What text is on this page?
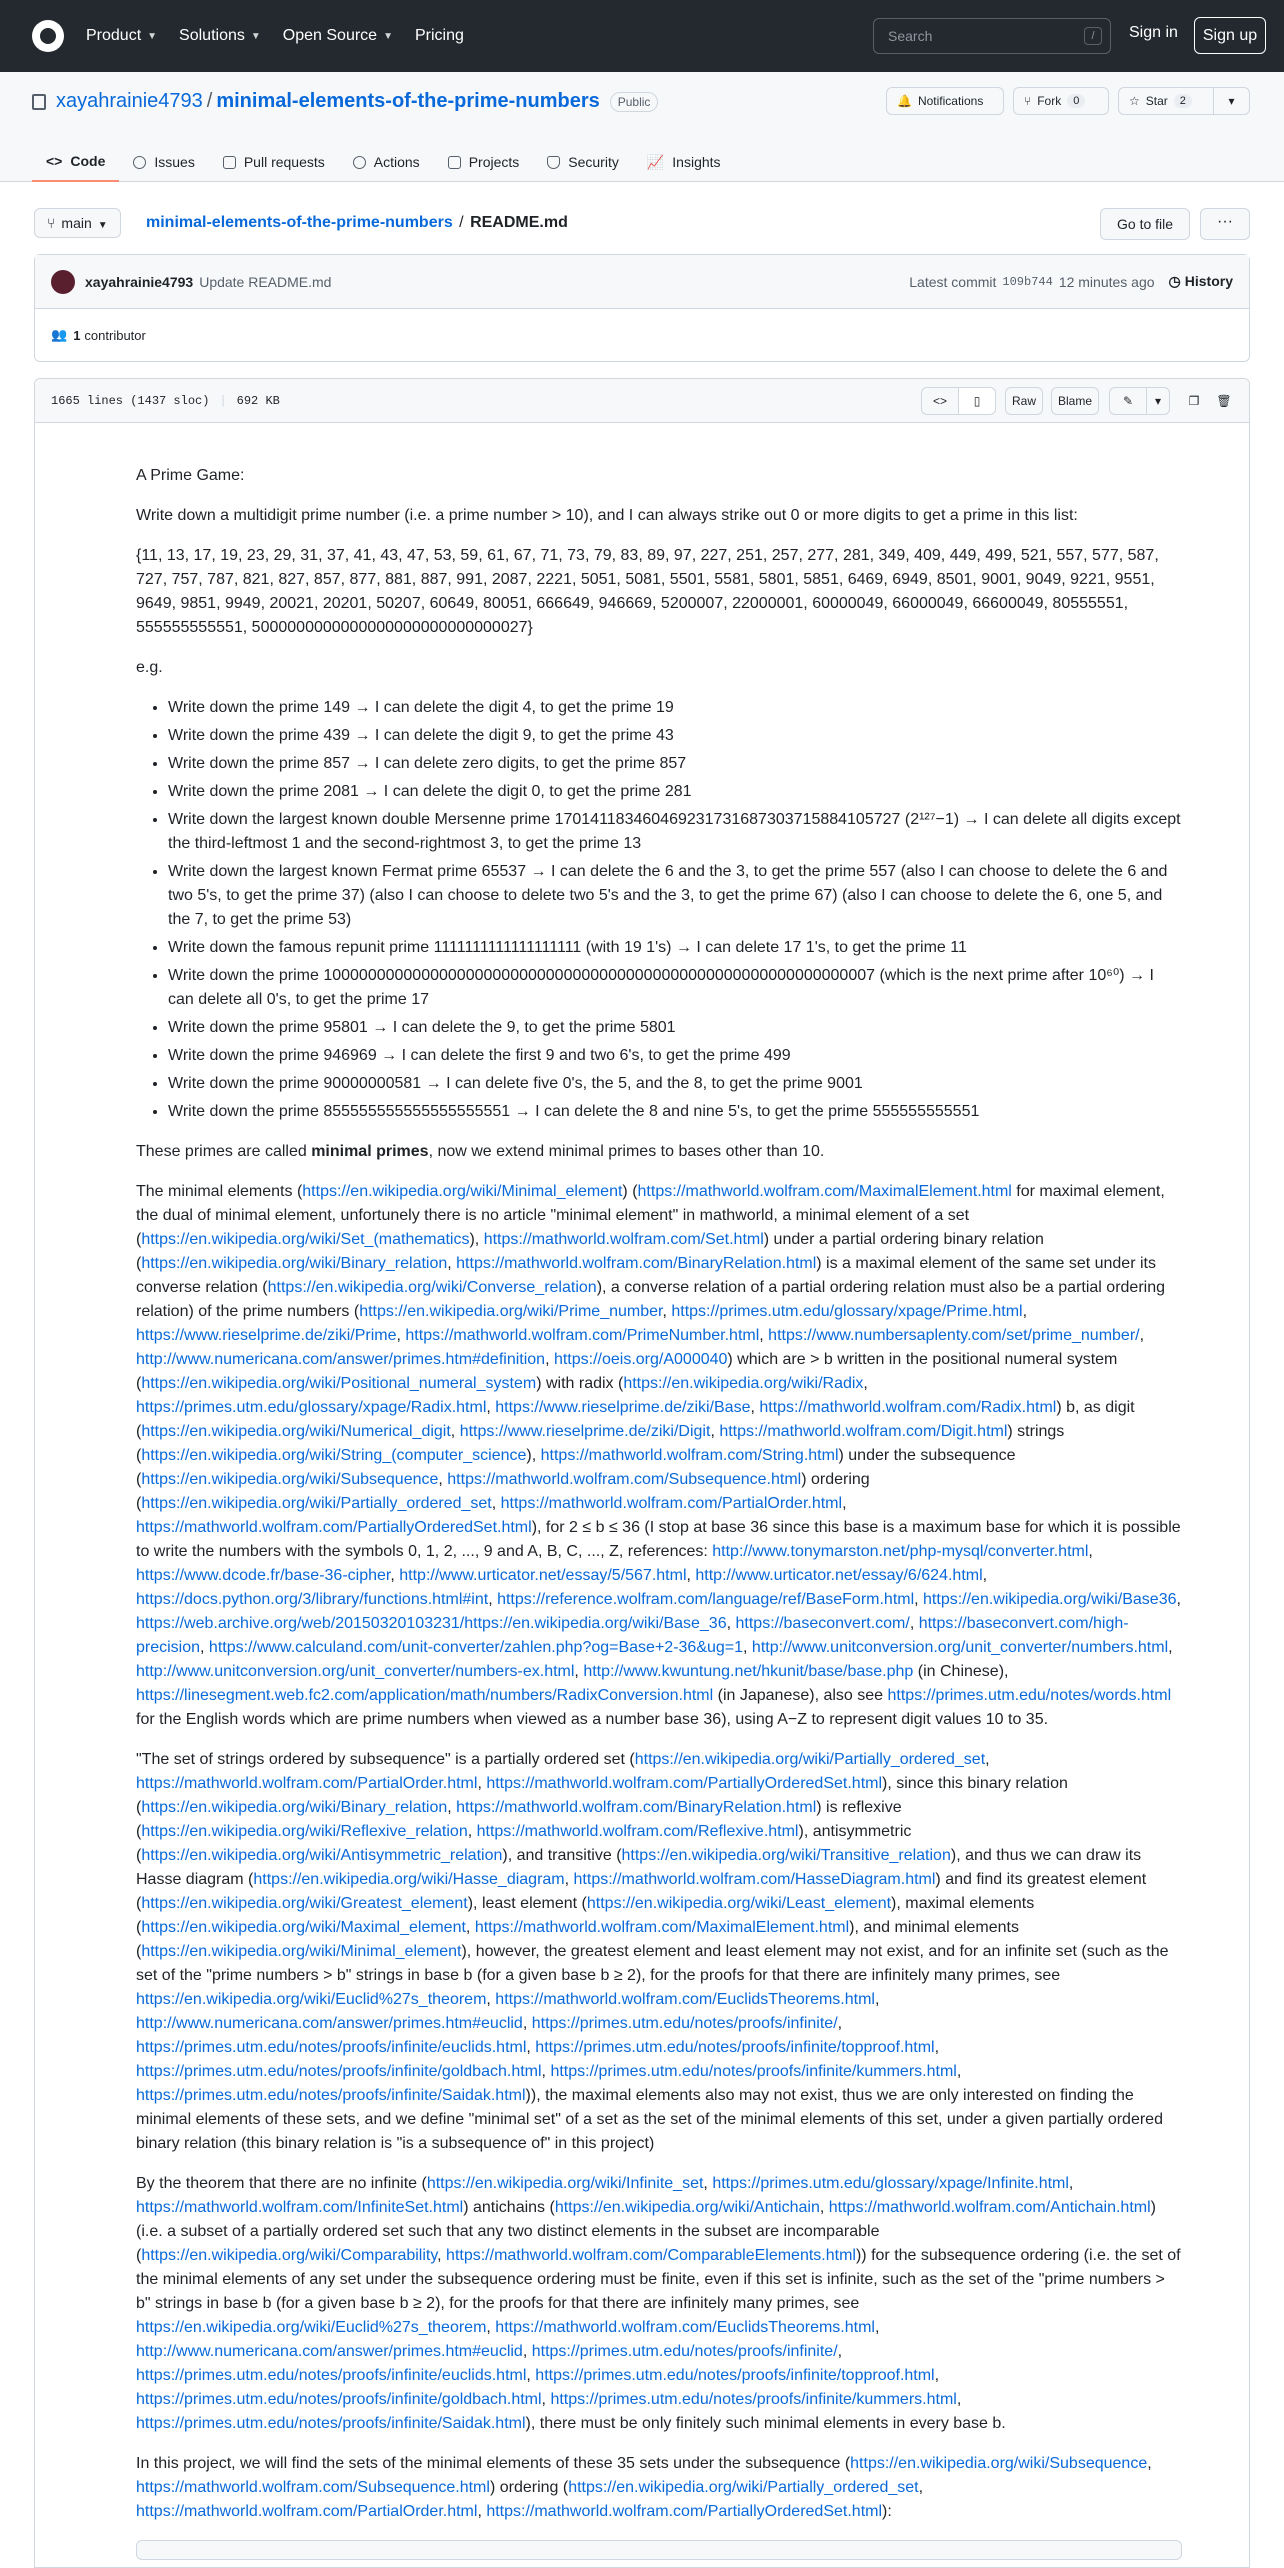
Product ▼ Solutions ▼ Open Source ▼ Pricing	Search	/	Sign in	Sign up
xayahrainie4793 / minimal-elements-of-the-prime-numbers	Public	🔔 Notifications	⑂ Fork	0	☆ Star	2	▾
<> Code	Issues	Pull requests	Actions	Projects	Security 📈 Insights
⑂ main ▼	minimal-elements-of-the-prime-numbers / README.md	Go to file	···
xayahrainie4793 Update README.md	Latest commit 109b744 12 minutes ago ◷ History
👥 1 contributor
1665 lines (1437 sloc) | 692 KB	<> ▯	Raw	Blame	✎ ▾ ❐ 🗑

A Prime Game:

Write down a multidigit prime number (i.e. a prime number > 10), and I can always strike out 0 or more digits to get a prime in this list:

{11, 13, 17, 19, 23, 29, 31, 37, 41, 43, 47, 53, 59, 61, 67, 71, 73, 79, 83, 89, 97, 227, 251, 257, 277, 281, 349, 409, 449, 499, 521, 557, 577, 587, 727, 757, 787, 821, 827, 857, 877, 881, 887, 991, 2087, 2221, 5051, 5081, 5501, 5581, 5801, 5851, 6469, 6949, 8501, 9001, 9049, 9221, 9551, 9649, 9851, 9949, 20021, 20201, 50207, 60649, 80051, 666649, 946669, 5200007, 22000001, 60000049, 66000049, 66600049, 80555551, 555555555551, 5000000000000000000000000000027}

e.g.

• Write down the prime 149 → I can delete the digit 4, to get the prime 19
• Write down the prime 439 → I can delete the digit 9, to get the prime 43
• Write down the prime 857 → I can delete zero digits, to get the prime 857
• Write down the prime 2081 → I can delete the digit 0, to get the prime 281
• Write down the largest known double Mersenne prime 170141183460469231731687303715884105727 (2¹²⁷−1) → I can delete all digits except the third-leftmost 1 and the second-rightmost 3, to get the prime 13
• Write down the largest known Fermat prime 65537 → I can delete the 6 and the 3, to get the prime 557 (also I can choose to delete the 6 and two 5's, to get the prime 37) (also I can choose to delete two 5's and the 3, to get the prime 67) (also I can choose to delete the 6, one 5, and the 7, to get the prime 53)
• Write down the famous repunit prime 1111111111111111111 (with 19 1's) → I can delete 17 1's, to get the prime 11
• Write down the prime 10000000000000000000000000000000000000000000000000000000000007 (which is the next prime after 10⁶⁰) → I can delete all 0's, to get the prime 17
• Write down the prime 95801 → I can delete the 9, to get the prime 5801
• Write down the prime 946969 → I can delete the first 9 and two 6's, to get the prime 499
• Write down the prime 90000000581 → I can delete five 0's, the 5, and the 8, to get the prime 9001
• Write down the prime 855555555555555555551 → I can delete the 8 and nine 5's, to get the prime 555555555551

These primes are called minimal primes, now we extend minimal primes to bases other than 10.

The minimal elements (https://en.wikipedia.org/wiki/Minimal_element) (https://mathworld.wolfram.com/MaximalElement.html for maximal element, the dual of minimal element, unfortunely there is no article "minimal element" in mathworld, a minimal element of a set (https://en.wikipedia.org/wiki/Set_(mathematics), https://mathworld.wolfram.com/Set.html) under a partial ordering binary relation (https://en.wikipedia.org/wiki/Binary_relation, https://mathworld.wolfram.com/BinaryRelation.html) is a maximal element of the same set under its converse relation (https://en.wikipedia.org/wiki/Converse_relation), a converse relation of a partial ordering relation must also be a partial ordering relation) of the prime numbers (https://en.wikipedia.org/wiki/Prime_number, https://primes.utm.edu/glossary/xpage/Prime.html, https://www.rieselprime.de/ziki/Prime, https://mathworld.wolfram.com/PrimeNumber.html, https://www.numbersaplenty.com/set/prime_number/, http://www.numericana.com/answer/primes.htm#definition, https://oeis.org/A000040) which are > b written in the positional numeral system (https://en.wikipedia.org/wiki/Positional_numeral_system) with radix (https://en.wikipedia.org/wiki/Radix, https://primes.utm.edu/glossary/xpage/Radix.html, https://www.rieselprime.de/ziki/Base, https://mathworld.wolfram.com/Radix.html) b, as digit (https://en.wikipedia.org/wiki/Numerical_digit, https://www.rieselprime.de/ziki/Digit, https://mathworld.wolfram.com/Digit.html) strings (https://en.wikipedia.org/wiki/String_(computer_science), https://mathworld.wolfram.com/String.html) under the subsequence (https://en.wikipedia.org/wiki/Subsequence, https://mathworld.wolfram.com/Subsequence.html) ordering (https://en.wikipedia.org/wiki/Partially_ordered_set, https://mathworld.wolfram.com/PartialOrder.html, https://mathworld.wolfram.com/PartiallyOrderedSet.html), for 2 ≤ b ≤ 36 (I stop at base 36 since this base is a maximum base for which it is possible to write the numbers with the symbols 0, 1, 2, ..., 9 and A, B, C, ..., Z, references: http://www.tonymarston.net/php-mysql/converter.html, https://www.dcode.fr/base-36-cipher, http://www.urticator.net/essay/5/567.html, http://www.urticator.net/essay/6/624.html, https://docs.python.org/3/library/functions.html#int, https://reference.wolfram.com/language/ref/BaseForm.html, https://en.wikipedia.org/wiki/Base36, https://web.archive.org/web/20150320103231/https://en.wikipedia.org/wiki/Base_36, https://baseconvert.com/, https://baseconvert.com/high-precision, https://www.calculand.com/unit-converter/zahlen.php?og=Base+2-36&ug=1, http://www.unitconversion.org/unit_converter/numbers.html, http://www.unitconversion.org/unit_converter/numbers-ex.html, http://www.kwuntung.net/hkunit/base/base.php (in Chinese), https://linesegment.web.fc2.com/application/math/numbers/RadixConversion.html (in Japanese), also see https://primes.utm.edu/notes/words.html for the English words which are prime numbers when viewed as a number base 36), using A−Z to represent digit values 10 to 35.

"The set of strings ordered by subsequence" is a partially ordered set (https://en.wikipedia.org/wiki/Partially_ordered_set, https://mathworld.wolfram.com/PartialOrder.html, https://mathworld.wolfram.com/PartiallyOrderedSet.html), since this binary relation (https://en.wikipedia.org/wiki/Binary_relation, https://mathworld.wolfram.com/BinaryRelation.html) is reflexive (https://en.wikipedia.org/wiki/Reflexive_relation, https://mathworld.wolfram.com/Reflexive.html), antisymmetric (https://en.wikipedia.org/wiki/Antisymmetric_relation), and transitive (https://en.wikipedia.org/wiki/Transitive_relation), and thus we can draw its Hasse diagram (https://en.wikipedia.org/wiki/Hasse_diagram, https://mathworld.wolfram.com/HasseDiagram.html) and find its greatest element (https://en.wikipedia.org/wiki/Greatest_element), least element (https://en.wikipedia.org/wiki/Least_element), maximal elements (https://en.wikipedia.org/wiki/Maximal_element, https://mathworld.wolfram.com/MaximalElement.html), and minimal elements (https://en.wikipedia.org/wiki/Minimal_element), however, the greatest element and least element may not exist, and for an infinite set (such as the set of the "prime numbers > b" strings in base b (for a given base b ≥ 2), for the proofs for that there are infinitely many primes, see https://en.wikipedia.org/wiki/Euclid%27s_theorem, https://mathworld.wolfram.com/EuclidsTheorems.html, http://www.numericana.com/answer/primes.htm#euclid, https://primes.utm.edu/notes/proofs/infinite/, https://primes.utm.edu/notes/proofs/infinite/euclids.html, https://primes.utm.edu/notes/proofs/infinite/topproof.html, https://primes.utm.edu/notes/proofs/infinite/goldbach.html, https://primes.utm.edu/notes/proofs/infinite/kummers.html, https://primes.utm.edu/notes/proofs/infinite/Saidak.html)), the maximal elements also may not exist, thus we are only interested on finding the minimal elements of these sets, and we define "minimal set" of a set as the set of the minimal elements of this set, under a given partially ordered binary relation (this binary relation is "is a subsequence of" in this project)

By the theorem that there are no infinite (https://en.wikipedia.org/wiki/Infinite_set, https://primes.utm.edu/glossary/xpage/Infinite.html, https://mathworld.wolfram.com/InfiniteSet.html) antichains (https://en.wikipedia.org/wiki/Antichain, https://mathworld.wolfram.com/Antichain.html) (i.e. a subset of a partially ordered set such that any two distinct elements in the subset are incomparable (https://en.wikipedia.org/wiki/Comparability, https://mathworld.wolfram.com/ComparableElements.html)) for the subsequence ordering (i.e. the set of the minimal elements of any set under the subsequence ordering must be finite, even if this set is infinite, such as the set of the "prime numbers > b" strings in base b (for a given base b ≥ 2), for the proofs for that there are infinitely many primes, see https://en.wikipedia.org/wiki/Euclid%27s_theorem, https://mathworld.wolfram.com/EuclidsTheorems.html, http://www.numericana.com/answer/primes.htm#euclid, https://primes.utm.edu/notes/proofs/infinite/, https://primes.utm.edu/notes/proofs/infinite/euclids.html, https://primes.utm.edu/notes/proofs/infinite/topproof.html, https://primes.utm.edu/notes/proofs/infinite/goldbach.html, https://primes.utm.edu/notes/proofs/infinite/kummers.html, https://primes.utm.edu/notes/proofs/infinite/Saidak.html), there must be only finitely such minimal elements in every base b.

In this project, we will find the sets of the minimal elements of these 35 sets under the subsequence (https://en.wikipedia.org/wiki/Subsequence, https://mathworld.wolfram.com/Subsequence.html) ordering (https://en.wikipedia.org/wiki/Partially_ordered_set, https://mathworld.wolfram.com/PartialOrder.html, https://mathworld.wolfram.com/PartiallyOrderedSet.html):
